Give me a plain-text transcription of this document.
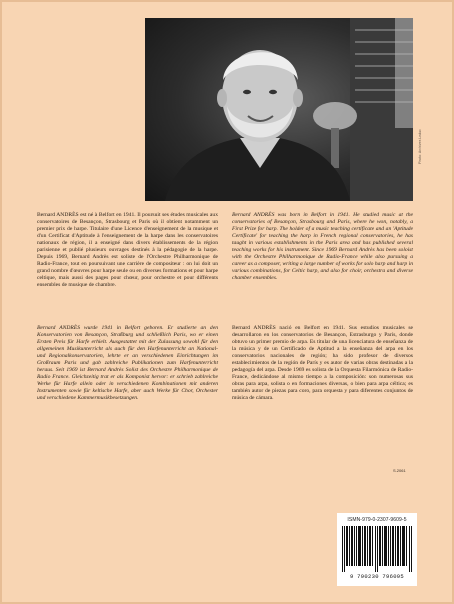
Photo: Archives Leduc

Bernard ANDRÈS est né à Belfort en 1941. Il poursuit ses études musicales aux conservatoires de Besançon, Strasbourg et Paris où il obtient notamment un premier prix de harpe. Titulaire d'une Licence d'enseignement de la musique et d'un Certificat d'Aptitude à l'enseignement de la harpe dans les conservatoires nationaux de région, il a enseigné dans divers établissements de la région parisienne et publié plusieurs ouvrages destinés à la pédagogie de la harpe. Depuis 1969, Bernard Andrès est soliste de l'Orchestre Philharmonique de Radio-France, tout en poursuivant une carrière de compositeur : on lui doit un grand nombre d'œuvres pour harpe seule ou en diverses formations et pour harpe celtique, mais aussi des pages pour chœur, pour orchestre et pour différents ensembles de musique de chambre.

Bernard ANDRÈS was born in Belfort in 1941. He studied music at the conservatories of Besançon, Strasbourg and Paris, where he won, notably, a First Prize for harp. The holder of a music teaching certificate and an 'Aptitude Certificate' for teaching the harp in French regional conservatories, he has taught in various establishments in the Paris area and has published several teaching works for his instrument. Since 1969 Bernard Andrès has been soloist with the Orchestre Philharmonique de Radio-France while also pursuing a career as a composer, writing a large number of works for solo harp and harp in various combinations, for Celtic harp, and also for choir, orchestra and diverse chamber ensembles.

Bernard ANDRÈS wurde 1941 in Belfort geboren. Er studierte an den Konservatorien von Besançon, Straßburg und schließlich Paris, wo er einen Ersten Preis für Harfe erhielt. Ausgestattet mit der Zulassung sowohl für den allgemeinen Musikunterricht als auch für den Harfenunterricht an National- und Regionalkonservatorien, lehrte er an verschiedenen Einrichtungen im Großraum Paris und gab zahlreiche Publikationen zum Harfenunterricht heraus. Seit 1969 ist Bernard Andrès Solist des Orchestre Philharmonique de Radio France. Gleichzeitig trat er als Komponist hervor: er schrieb zahlreiche Werke für Harfe allein oder in verschiedenen Kombinationen mit anderen Instrumenten sowie für keltische Harfe, aber auch Werke für Chor, Orchester und verschiedene Kammermusikbesetzungen.

Bernard ANDRÈS nació en Belfort en 1941. Sus estudios musicales se desarrollaron en los conservatorios de Besançon, Estrasburgo y París, donde obtuvo un primer premio de arpa. Es titular de una licenciatura de enseñanza de la música y de un Certificado de Aptitud a la enseñanza del arpa en los conservatorios nacionales de región; ha sido profesor de diversos establecimientos de la región de París y es autor de varias obras destinadas a la pedagogía del arpa. Desde 1969 es solista de la Orquesta Filarmónica de Radio-France, dedicándose al mismo tiempo a la composición: son numerosas sus obras para arpa, solista o en formaciones diversas, o bien para arpa céltica; es también autor de piezas para coro, para orquesta y para diferentes conjuntos de música de cámara.

S.2061
ISMN-979-0-2307-9609-5
9 790230 796095
